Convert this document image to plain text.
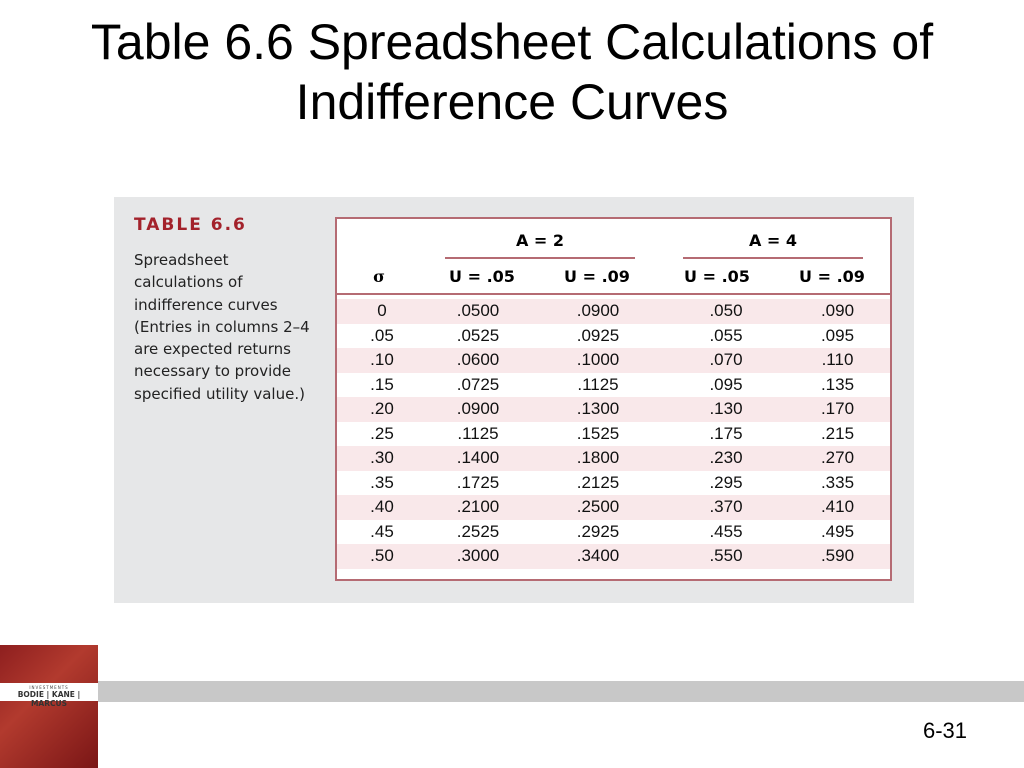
Table 6.6 Spreadsheet Calculations of
Indifference Curves
TABLE 6.6
Spreadsheet calculations of indifference curves (Entries in columns 2–4 are expected returns necessary to provide specified utility value.)
A = 2	A = 4
σ	U = .05	U = .09	U = .05	U = .09
0	.0500	.0900	.050	.090
.05	.0525	.0925	.055	.095
.10	.0600	.1000	.070	.110
.15	.0725	.1125	.095	.135
.20	.0900	.1300	.130	.170
.25	.1125	.1525	.175	.215
.30	.1400	.1800	.230	.270
.35	.1725	.2125	.295	.335
.40	.2100	.2500	.370	.410
.45	.2525	.2925	.455	.495
.50	.3000	.3400	.550	.590
INVESTMENTS
BODIE | KANE | MARCUS
6-31
